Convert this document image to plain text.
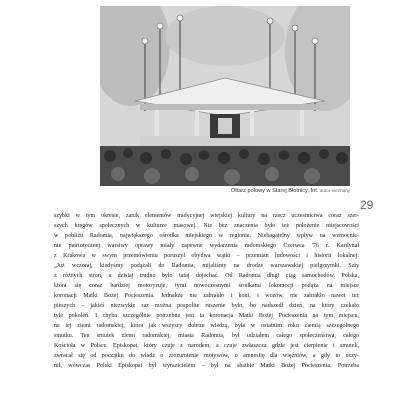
Ołtarz polowy w Starej Błotnicy, fot. autor nieznany
29
szybki w tym okresie, zanik elementów tradycyjnej wiejskiej kultury na rzecz uczestnictwa coraz szer-
szych kręgów społecznych w kulturze masowej. Nie bez znaczenia było też położenie miejscowości
w pobliżu Radomia, największego ośrodka miejskiego w regionie. Niebagatelny wpływ na wzmocnie-
nie patriotycznej warstwy oprawy miały zapewne wydarzenia radomskiego Czerwca '76 r. Kardynał
z Krakowa w swym przemówieniu poruszył obydwa wątki – przemian ludowości i historii lokalnej:
„Już wczoraj, kiedyśmy podążali do Radomia, mijaliśmy na drodze warszawskiej pielgrzymki. Szły
z różnych stron, a dzisiaj trudno było tutaj dojechać. Od Radomia długi ciąg samochodów. Polska,
która się coraz bardziej motoryzuje, tymi nowoczesnymi środkami lokomocji podąża na miejsce
koronacji Matki Bożej Pocieszenia. Jednakże nie zabrakło i koni, i wozów, nie zabrakło nawet też
pieszych – jakieś niezwykłe raz można pospolite ruszenie było, bo nadszedł dzień, na który czekało
tyle pokoleń. I chyba szczególnie potrzebne jest ta koronacja Matki Bożej Pocieszenia na tym miejscu,
na tej ziemi radomskiej, która jak wszyscy dobrze wiedzą, była w ostatnim roku ziemią szczególnego
smutku. Ten smutek ziemi radomskiej, miasta Radomia, był udziałem całego społeczeństwa, całego
Kościoła w Polsce. Episkopat, który czuje z narodem, a czuje zwłaszcza gdzie jest cierpienie i smutek,
zwracał się od początku do władz o zrozumienie motywów, o amnestię dla więźniów, a gdy to uczy-
nił, wówczas Polski Episkopat był wyrazicielem – był na służbie Matki Bożej Pocieszenia. Potrzeba
